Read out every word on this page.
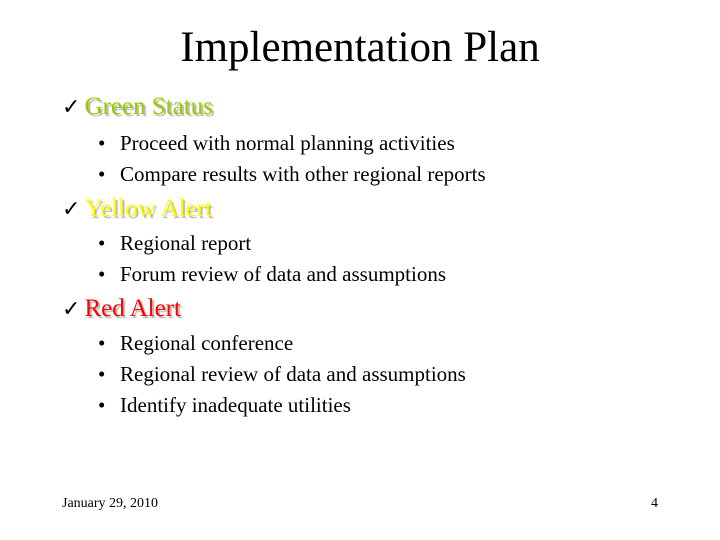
Implementation Plan
✓ Green Status
• Proceed with normal planning activities
• Compare results with other regional reports
✓ Yellow Alert
• Regional report
• Forum review of data and assumptions
✓ Red Alert
• Regional conference
• Regional review of data and assumptions
• Identify inadequate utilities
January 29, 2010	4
